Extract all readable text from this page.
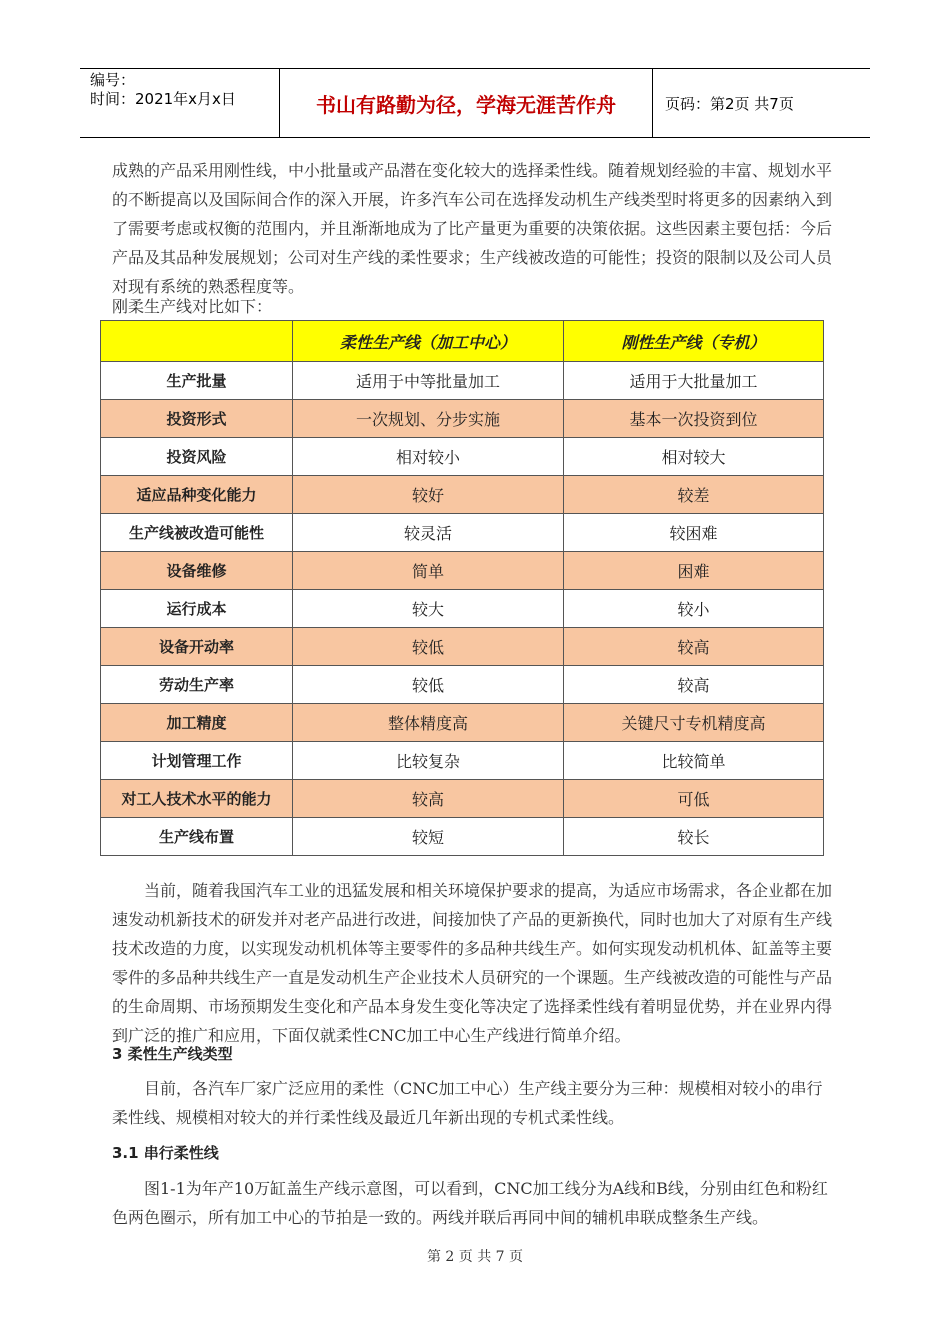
编号：
时间：2021年x月x日	书山有路勤为径，学海无涯苦作舟	页码：第2页 共7页

成熟的产品采用刚性线，中小批量或产品潜在变化较大的选择柔性线。随着规划经验的丰富、规划水平的不断提高以及国际间合作的深入开展，许多汽车公司在选择发动机生产线类型时将更多的因素纳入到了需要考虑或权衡的范围内，并且渐渐地成为了比产量更为重要的决策依据。这些因素主要包括：今后产品及其品种发展规划；公司对生产线的柔性要求；生产线被改造的可能性；投资的限制以及公司人员对现有系统的熟悉程度等。

刚柔生产线对比如下：

	柔性生产线（加工中心）	刚性生产线（专机）
生产批量	适用于中等批量加工	适用于大批量加工
投资形式	一次规划、分步实施	基本一次投资到位
投资风险	相对较小	相对较大
适应品种变化能力	较好	较差
生产线被改造可能性	较灵活	较困难
设备维修	简单	困难
运行成本	较大	较小
设备开动率	较低	较高
劳动生产率	较低	较高
加工精度	整体精度高	关键尺寸专机精度高
计划管理工作	比较复杂	比较简单
对工人技术水平的能力	较高	可低
生产线布置	较短	较长

当前，随着我国汽车工业的迅猛发展和相关环境保护要求的提高，为适应市场需求，各企业都在加速发动机新技术的研发并对老产品进行改进，间接加快了产品的更新换代，同时也加大了对原有生产线技术改造的力度，以实现发动机机体等主要零件的多品种共线生产。如何实现发动机机体、缸盖等主要零件的多品种共线生产一直是发动机生产企业技术人员研究的一个课题。生产线被改造的可能性与产品的生命周期、市场预期发生变化和产品本身发生变化等决定了选择柔性线有着明显优势，并在业界内得到广泛的推广和应用，下面仅就柔性CNC加工中心生产线进行简单介绍。

3 柔性生产线类型

目前，各汽车厂家广泛应用的柔性（CNC加工中心）生产线主要分为三种：规模相对较小的串行柔性线、规模相对较大的并行柔性线及最近几年新出现的专机式柔性线。

3.1 串行柔性线

图1-1为年产10万缸盖生产线示意图，可以看到，CNC加工线分为A线和B线，分别由红色和粉红色两色圈示，所有加工中心的节拍是一致的。两线并联后再同中间的辅机串联成整条生产线。

第 2 页 共 7 页
